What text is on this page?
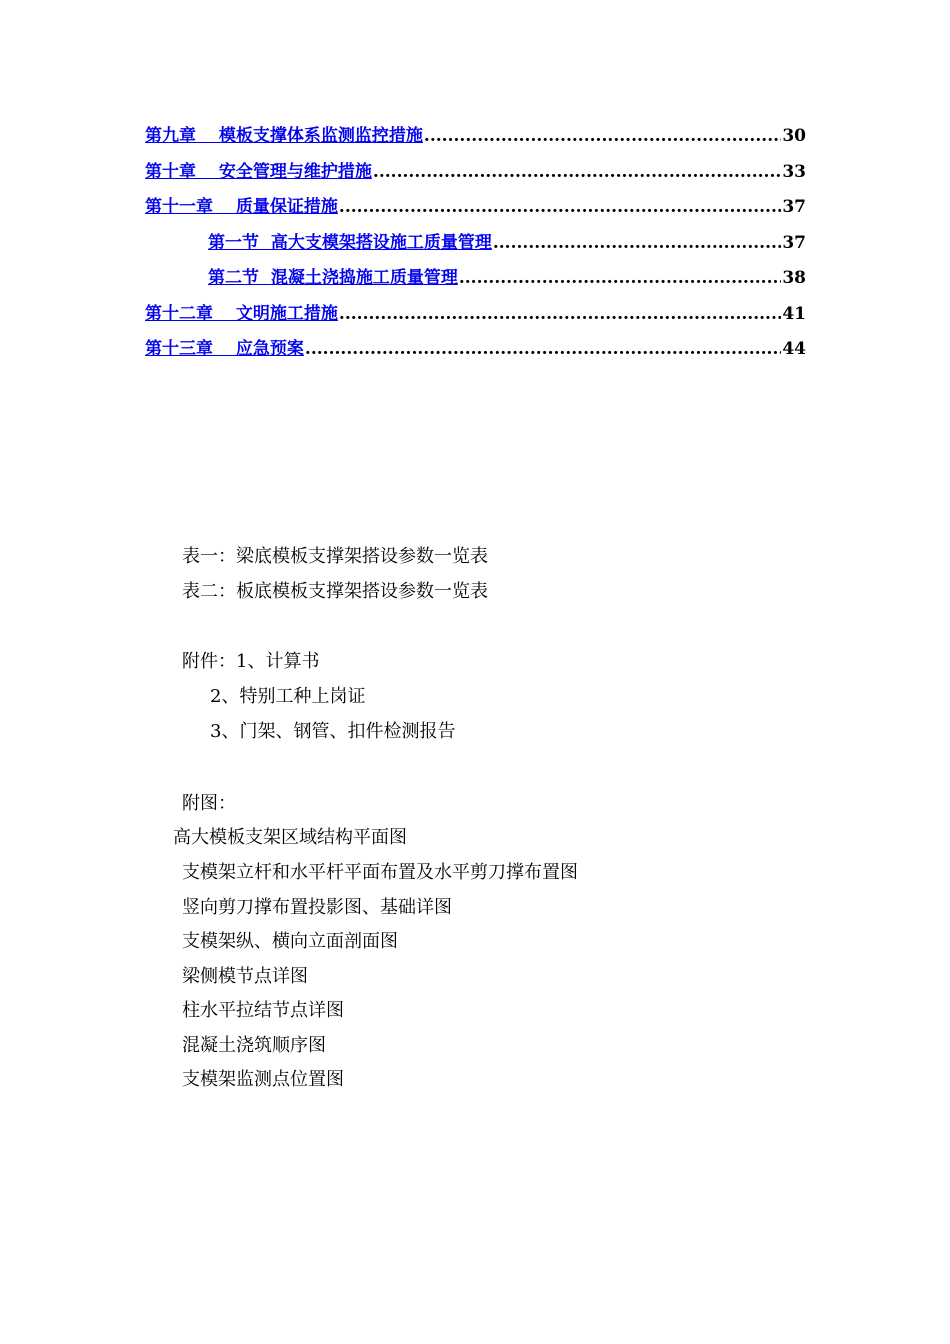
第九章　 模板支撑体系监测监控措施 .....	30
第十章　 安全管理与维护措施 .....	33
第十一章　 质量保证措施 .....	37
第一节  高大支模架搭设施工质量管理 .....	37
第二节  混凝土浇捣施工质量管理 .....	38
第十二章　 文明施工措施 .....	41
第十三章　 应急预案 .....	44
表一：梁底模板支撑架搭设参数一览表
表二：板底模板支撑架搭设参数一览表
附件：1、计算书
2、特别工种上岗证
3、门架、钢管、扣件检测报告
附图：
高大模板支架区域结构平面图
支模架立杆和水平杆平面布置及水平剪刀撑布置图
竖向剪刀撑布置投影图、基础详图
支模架纵、横向立面剖面图
梁侧模节点详图
柱水平拉结节点详图
混凝土浇筑顺序图
支模架监测点位置图
